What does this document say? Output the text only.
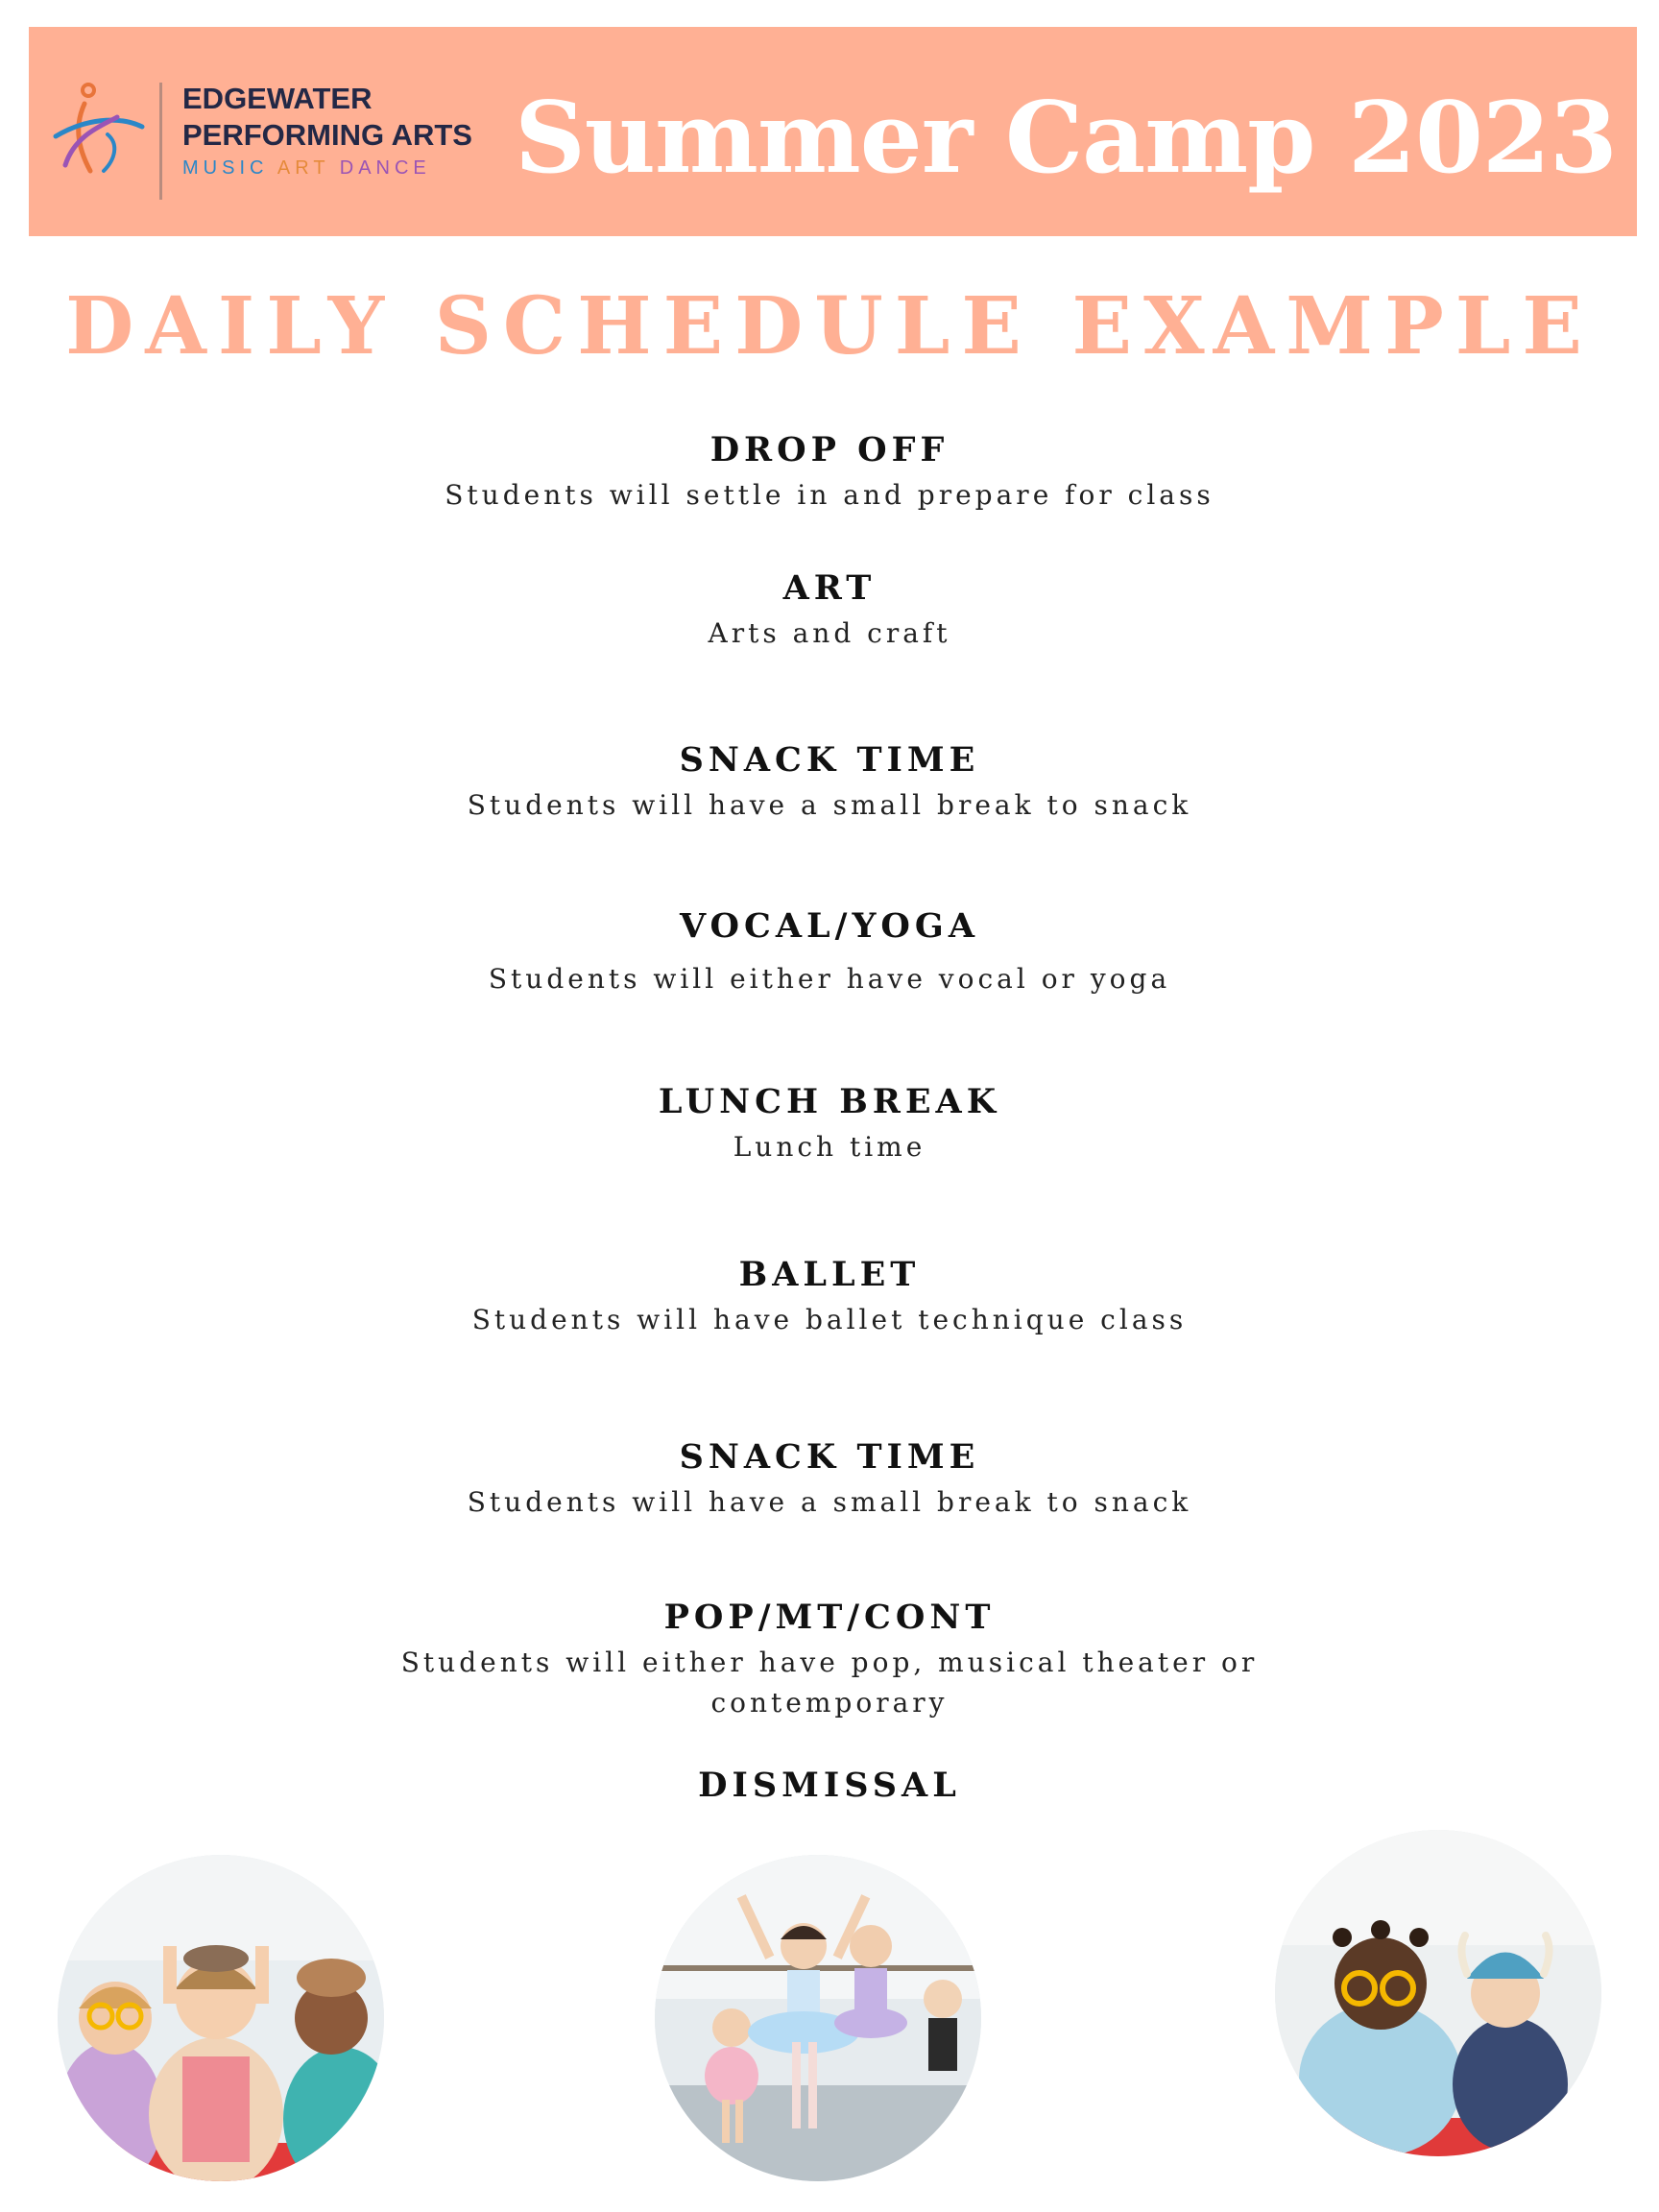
EDGEWATER
PERFORMING ARTS
MUSIC ART DANCE Summer Camp 2023
DAILY SCHEDULE EXAMPLE
DROP OFF
Students will settle in and prepare for class
ART
Arts and craft
SNACK TIME
Students will have a small break to snack
VOCAL/YOGA
Students will either have vocal or yoga
LUNCH BREAK
Lunch time
BALLET
Students will have ballet technique class
SNACK TIME
Students will have a small break to snack
POP/MT/CONT
Students will either have pop, musical theater or contemporary
DISMISSAL
